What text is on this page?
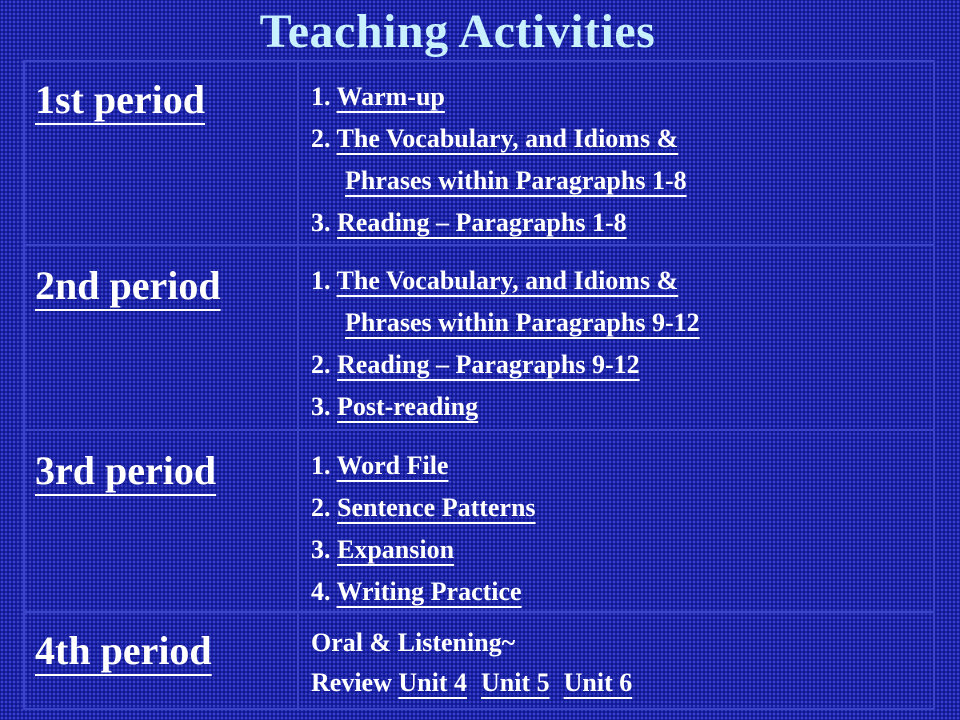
Teaching Activities
1st period	1. Warm-up
2. The Vocabulary, and Idioms &
Phrases within Paragraphs 1-8
3. Reading – Paragraphs 1-8
2nd period	1. The Vocabulary, and Idioms &
Phrases within Paragraphs 9-12
2. Reading – Paragraphs 9-12
3. Post-reading
3rd period	1. Word File
2. Sentence Patterns
3. Expansion
4. Writing Practice
4th period	Oral & Listening~
Review Unit 4 Unit 5 Unit 6
